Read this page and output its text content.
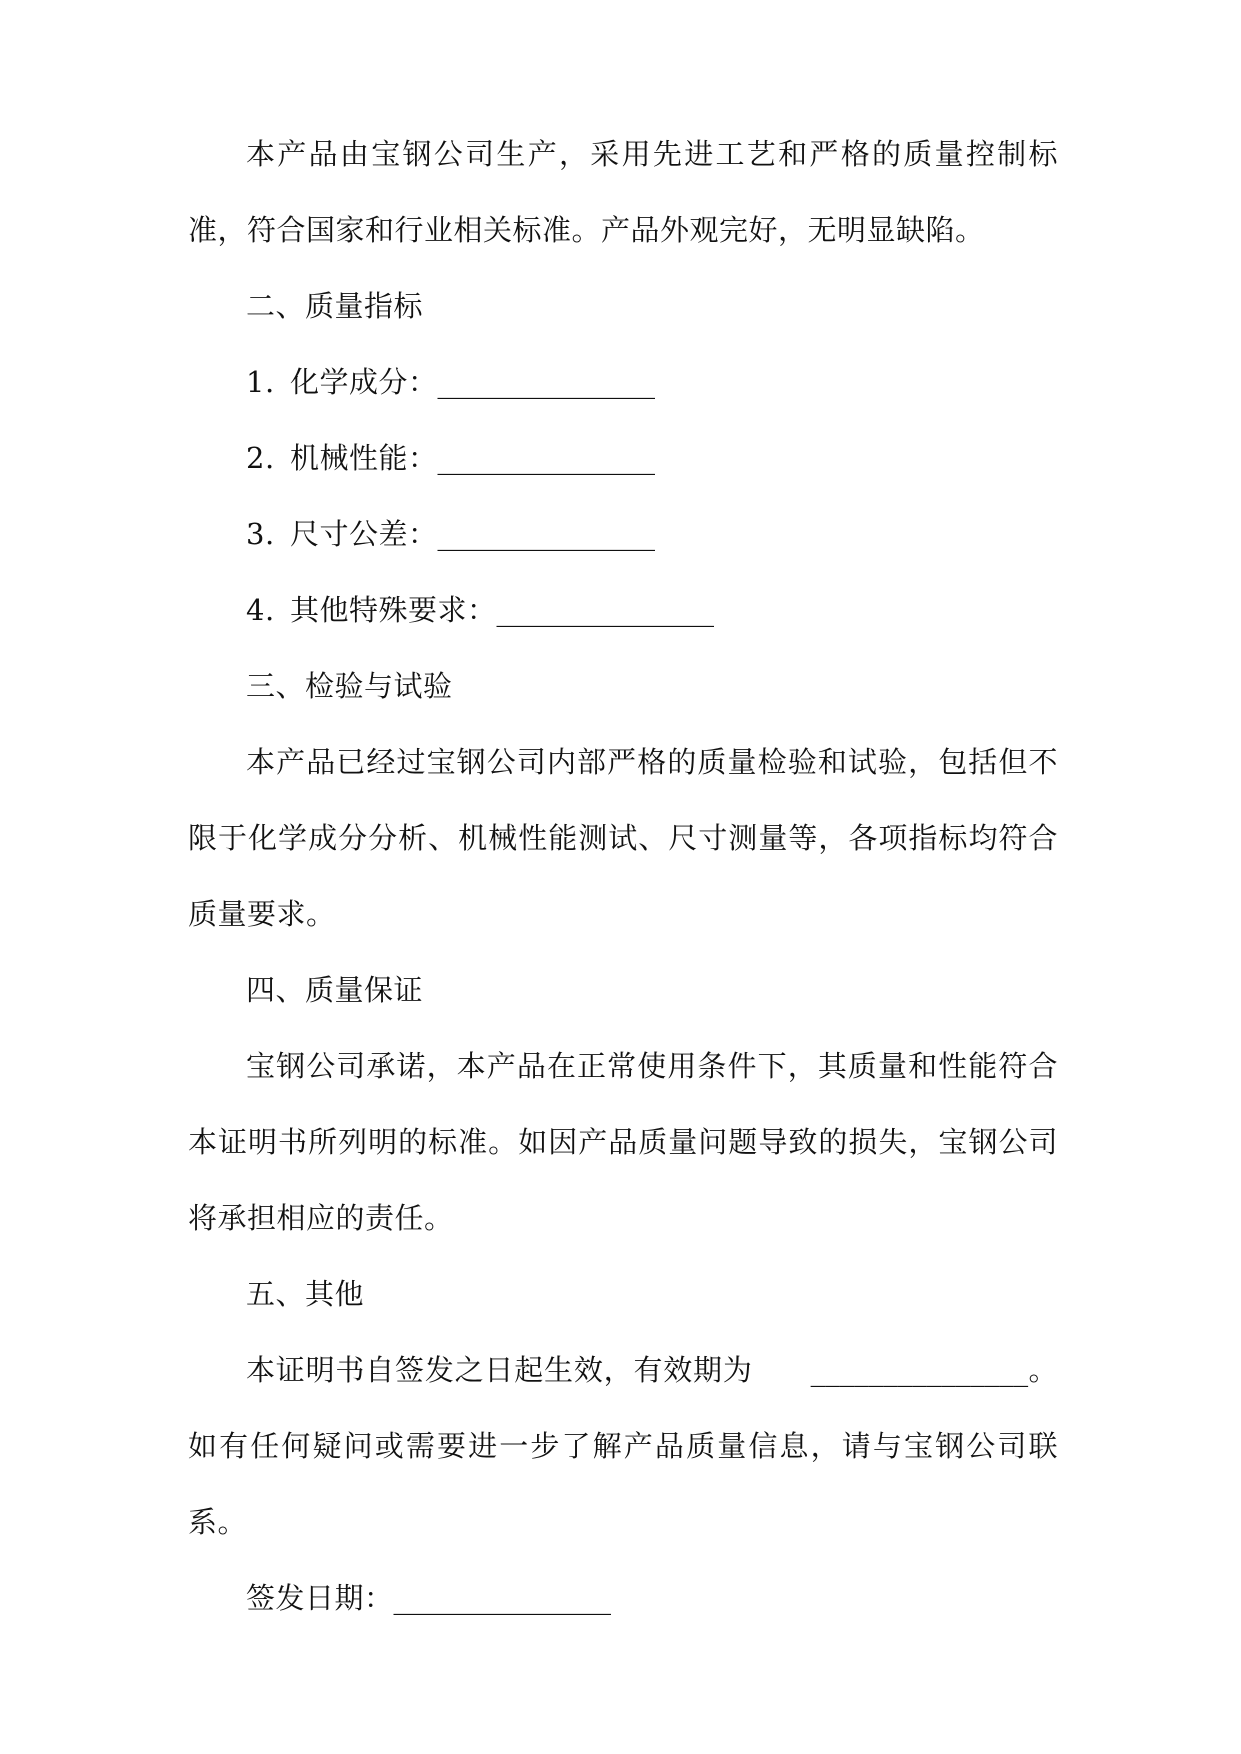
本产品由宝钢公司生产，采用先进工艺和严格的质量控制标准，符合国家和行业相关标准。产品外观完好，无明显缺陷。

二、质量指标

1. 化学成分：_______________

2. 机械性能：_______________

3. 尺寸公差：_______________

4. 其他特殊要求：_______________

三、检验与试验

本产品已经过宝钢公司内部严格的质量检验和试验，包括但不限于化学成分分析、机械性能测试、尺寸测量等，各项指标均符合质量要求。

四、质量保证

宝钢公司承诺，本产品在正常使用条件下，其质量和性能符合本证明书所列明的标准。如因产品质量问题导致的损失，宝钢公司将承担相应的责任。

五、其他

本证明书自签发之日起生效，有效期为 _______________。如有任何疑问或需要进一步了解产品质量信息，请与宝钢公司联系。

签发日期：_______________
